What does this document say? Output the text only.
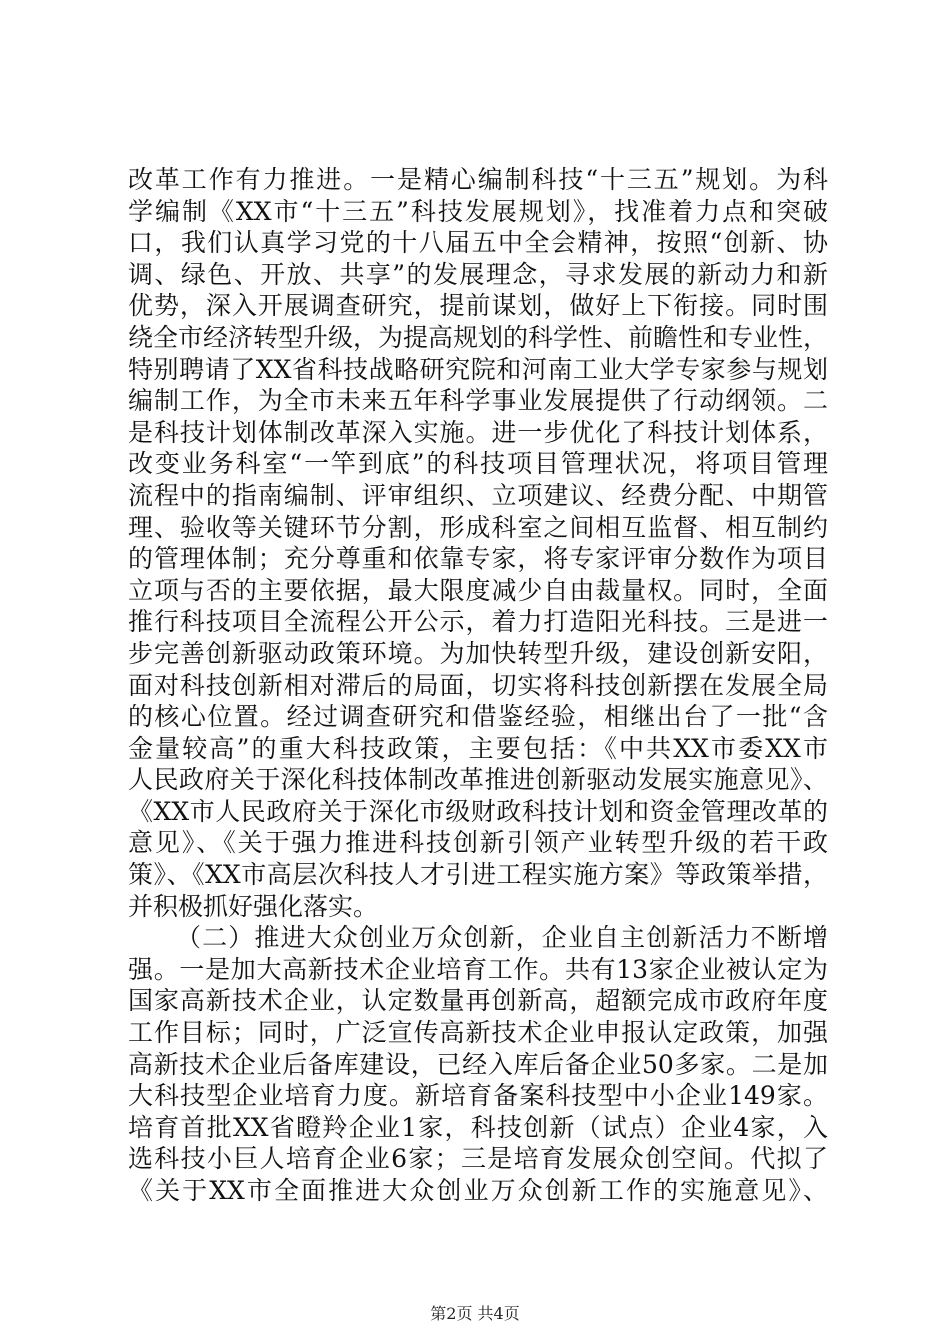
改革工作有力推进。一是精心编制科技“十三五”规划。为科
学编制《XX市“十三五”科技发展规划》，找准着力点和突破
口，我们认真学习党的十八届五中全会精神，按照“创新、协
调、绿色、开放、共享”的发展理念，寻求发展的新动力和新
优势，深入开展调查研究，提前谋划，做好上下衔接。同时围
绕全市经济转型升级，为提高规划的科学性、前瞻性和专业性，
特别聘请了XX省科技战略研究院和河南工业大学专家参与规划
编制工作，为全市未来五年科学事业发展提供了行动纲领。二
是科技计划体制改革深入实施。进一步优化了科技计划体系，
改变业务科室“一竿到底”的科技项目管理状况，将项目管理
流程中的指南编制、评审组织、立项建议、经费分配、中期管
理、验收等关键环节分割，形成科室之间相互监督、相互制约
的管理体制；充分尊重和依靠专家，将专家评审分数作为项目
立项与否的主要依据，最大限度减少自由裁量权。同时，全面
推行科技项目全流程公开公示，着力打造阳光科技。三是进一
步完善创新驱动政策环境。为加快转型升级，建设创新安阳，
面对科技创新相对滞后的局面，切实将科技创新摆在发展全局
的核心位置。经过调查研究和借鉴经验，相继出台了一批“含
金量较高”的重大科技政策，主要包括：《中共XX市委XX市
人民政府关于深化科技体制改革推进创新驱动发展实施意见》、
《XX市人民政府关于深化市级财政科技计划和资金管理改革的
意见》、《关于强力推进科技创新引领产业转型升级的若干政
策》、《XX市高层次科技人才引进工程实施方案》等政策举措，
并积极抓好强化落实。
（二）推进大众创业万众创新，企业自主创新活力不断增
强。一是加大高新技术企业培育工作。共有13家企业被认定为
国家高新技术企业，认定数量再创新高，超额完成市政府年度
工作目标；同时，广泛宣传高新技术企业申报认定政策，加强
高新技术企业后备库建设，已经入库后备企业50多家。二是加
大科技型企业培育力度。新培育备案科技型中小企业149家。
培育首批XX省瞪羚企业1家，科技创新（试点）企业4家，入
选科技小巨人培育企业6家；三是培育发展众创空间。代拟了
《关于XX市全面推进大众创业万众创新工作的实施意见》、
第2页 共4页
